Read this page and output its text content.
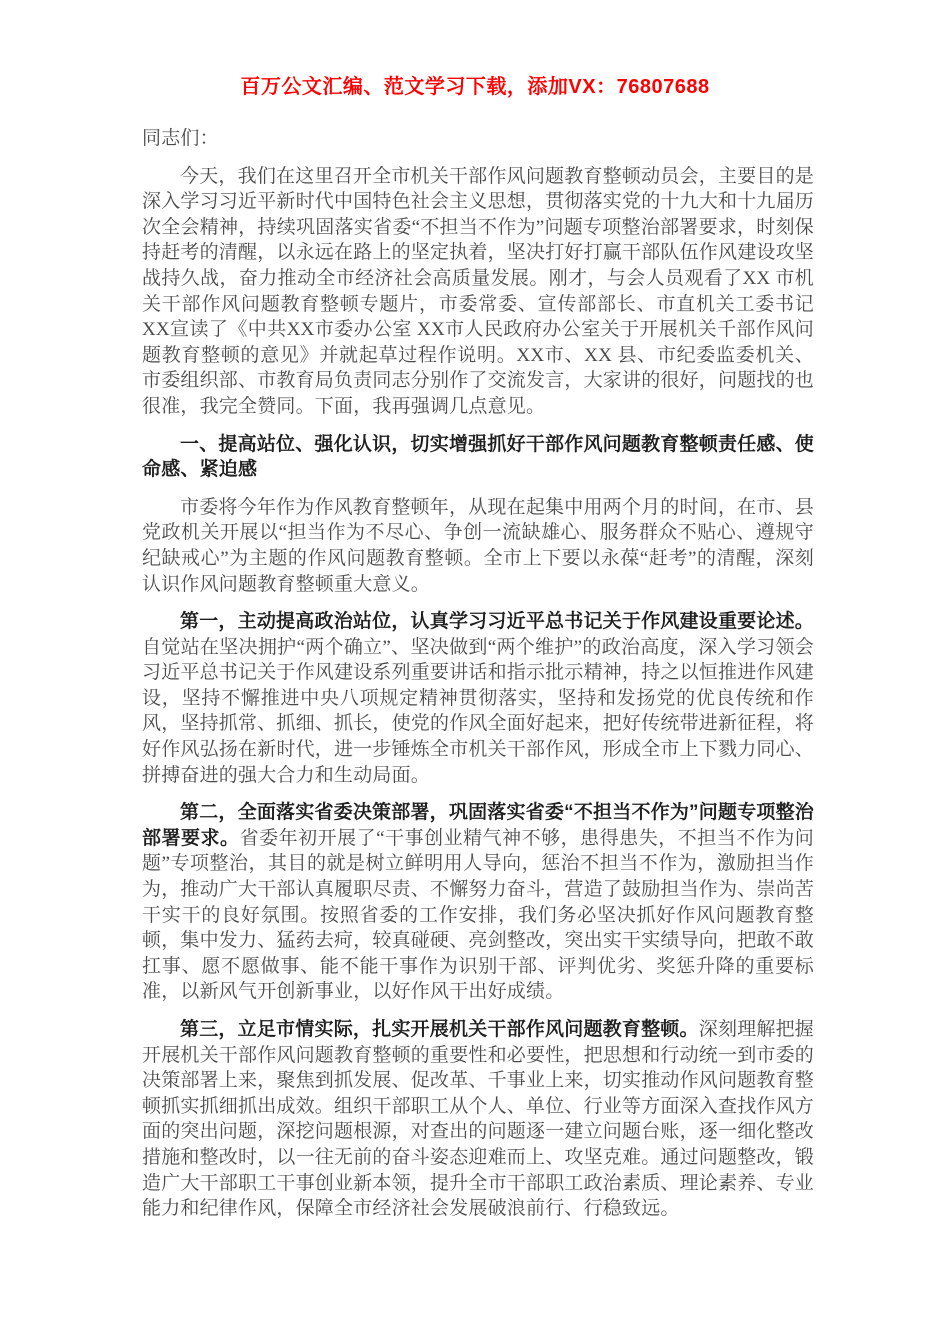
百万公文汇编、范文学习下载，添加VX：76807688

同志们：

今天，我们在这里召开全市机关干部作风问题教育整顿动员会，主要目的是深入学习习近平新时代中国特色社会主义思想，贯彻落实党的十九大和十九届历次全会精神，持续巩固落实省委“不担当不作为”问题专项整治部署要求，时刻保持赶考的清醒，以永远在路上的坚定执着，坚决打好打赢干部队伍作风建设攻坚战持久战，奋力推动全市经济社会高质量发展。刚才，与会人员观看了XX 市机关干部作风问题教育整顿专题片，市委常委、宣传部部长、市直机关工委书记 XX宣读了《中共XX市委办公室 XX市人民政府办公室关于开展机关千部作风问题教育整顿的意见》并就起草过程作说明。XX市、XX 县、市纪委监委机关、市委组织部、市教育局负责同志分别作了交流发言，大家讲的很好，问题找的也很准，我完全赞同。下面，我再强调几点意见。

一、提高站位、强化认识，切实增强抓好干部作风问题教育整顿责任感、使命感、紧迫感

市委将今年作为作风教育整顿年，从现在起集中用两个月的时间，在市、县党政机关开展以“担当作为不尽心、争创一流缺雄心、服务群众不贴心、遵规守纪缺戒心”为主题的作风问题教育整顿。全市上下要以永葆“赶考”的清醒，深刻认识作风问题教育整顿重大意义。

第一，主动提高政治站位，认真学习习近平总书记关于作风建设重要论述。自觉站在坚决拥护“两个确立”、坚决做到“两个维护”的政治高度，深入学习领会习近平总书记关于作风建设系列重要讲话和指示批示精神，持之以恒推进作风建设，坚持不懈推进中央八项规定精神贯彻落实，坚持和发扬党的优良传统和作风，坚持抓常、抓细、抓长，使党的作风全面好起来，把好传统带进新征程，将好作风弘扬在新时代，进一步锤炼全市机关干部作风，形成全市上下戮力同心、拼搏奋进的强大合力和生动局面。

第二，全面落实省委决策部署，巩固落实省委“不担当不作为”问题专项整治部署要求。省委年初开展了“干事创业精气神不够，患得患失，不担当不作为问题”专项整治，其目的就是树立鲜明用人导向，惩治不担当不作为，激励担当作为，推动广大干部认真履职尽责、不懈努力奋斗，营造了鼓励担当作为、崇尚苦干实干的良好氛围。按照省委的工作安排，我们务必坚决抓好作风问题教育整顿，集中发力、猛药去疴，较真碰硬、亮剑整改，突出实干实绩导向，把敢不敢扛事、愿不愿做事、能不能干事作为识别干部、评判优劣、奖惩升降的重要标准，以新风气开创新事业，以好作风干出好成绩。

第三，立足市情实际，扎实开展机关干部作风问题教育整顿。深刻理解把握开展机关干部作风问题教育整顿的重要性和必要性，把思想和行动统一到市委的决策部署上来，聚焦到抓发展、促改革、千事业上来，切实推动作风问题教育整顿抓实抓细抓出成效。组织干部职工从个人、单位、行业等方面深入查找作风方面的突出问题，深挖问题根源，对查出的问题逐一建立问题台账，逐一细化整改措施和整改时，以一往无前的奋斗姿态迎难而上、攻坚克难。通过问题整改，锻造广大干部职工干事创业新本领，提升全市干部职工政治素质、理论素养、专业能力和纪律作风，保障全市经济社会发展破浪前行、行稳致远。
